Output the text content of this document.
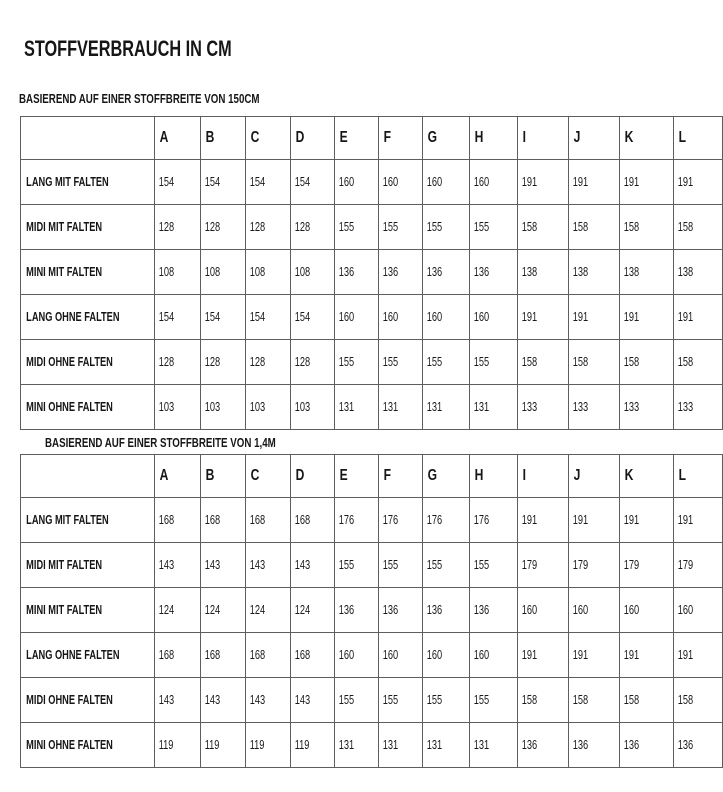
STOFFVERBRAUCH IN CM
BASIEREND AUF EINER STOFFBREITE VON 150CM

	A	B	C	D	E	F	G	H	I	J	K	L

LANG MIT FALTEN	154	154	154	154	160	160	160	160	191	191	191	191

MIDI MIT FALTEN	128	128	128	128	155	155	155	155	158	158	158	158

MINI MIT FALTEN	108	108	108	108	136	136	136	136	138	138	138	138

LANG OHNE FALTEN	154	154	154	154	160	160	160	160	191	191	191	191

MIDI OHNE FALTEN	128	128	128	128	155	155	155	155	158	158	158	158

MINI OHNE FALTEN	103	103	103	103	131	131	131	131	133	133	133	133
BASIEREND AUF EINER STOFFBREITE VON 1,4M

	A	B	C	D	E	F	G	H	I	J	K	L

LANG MIT FALTEN	168	168	168	168	176	176	176	176	191	191	191	191

MIDI MIT FALTEN	143	143	143	143	155	155	155	155	179	179	179	179

MINI MIT FALTEN	124	124	124	124	136	136	136	136	160	160	160	160

LANG OHNE FALTEN	168	168	168	168	160	160	160	160	191	191	191	191

MIDI OHNE FALTEN	143	143	143	143	155	155	155	155	158	158	158	158

MINI OHNE FALTEN	119	119	119	119	131	131	131	131	136	136	136	136
